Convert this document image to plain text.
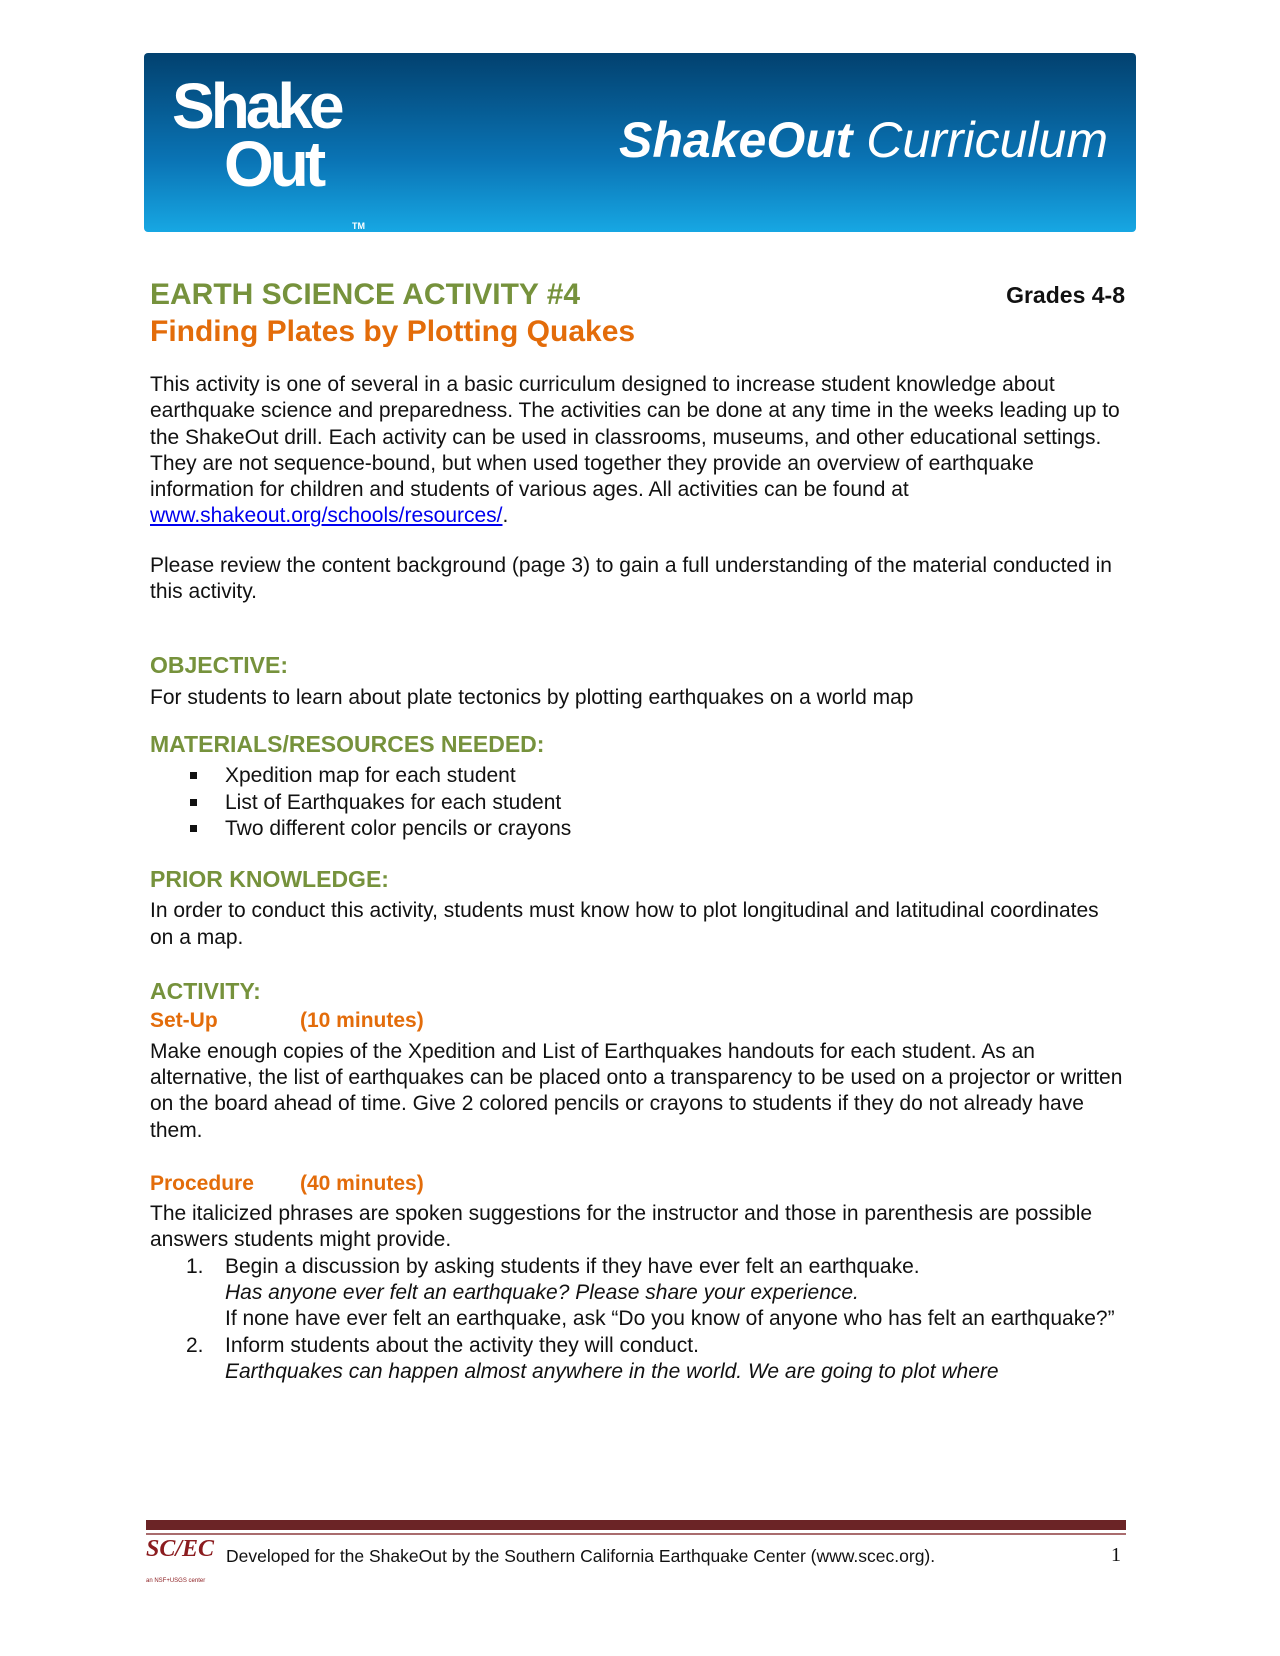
Shake
Out
TM
ShakeOut Curriculum
Grades 4-8
EARTH SCIENCE ACTIVITY #4
Finding Plates by Plotting Quakes

This activity is one of several in a basic curriculum designed to increase student knowledge about earthquake science and preparedness. The activities can be done at any time in the weeks leading up to the ShakeOut drill. Each activity can be used in classrooms, museums, and other educational settings. They are not sequence-bound, but when used together they provide an overview of earthquake information for children and students of various ages. All activities can be found at www.shakeout.org/schools/resources/.

Please review the content background (page 3) to gain a full understanding of the material conducted in this activity.

OBJECTIVE:

For students to learn about plate tectonics by plotting earthquakes on a world map

MATERIALS/RESOURCES NEEDED:
Xpedition map for each student
List of Earthquakes for each student
Two different color pencils or crayons
PRIOR KNOWLEDGE:

In order to conduct this activity, students must know how to plot longitudinal and latitudinal coordinates on a map.

ACTIVITY:
Set-Up	(10 minutes)

Make enough copies of the Xpedition and List of Earthquakes handouts for each student. As an alternative, the list of earthquakes can be placed onto a transparency to be used on a projector or written on the board ahead of time. Give 2 colored pencils or crayons to students if they do not already have them.

Procedure (40 minutes)

The italicized phrases are spoken suggestions for the instructor and those in parenthesis are possible answers students might provide.

1. Begin a discussion by asking students if they have ever felt an earthquake.
Has anyone ever felt an earthquake? Please share your experience.
If none have ever felt an earthquake, ask “Do you know of anyone who has felt an earthquake?”
2. Inform students about the activity they will conduct.
Earthquakes can happen almost anywhere in the world. We are going to plot where
SC/EC
an NSF+USGS center
Developed for the ShakeOut by the Southern California Earthquake Center (www.scec.org).	1
